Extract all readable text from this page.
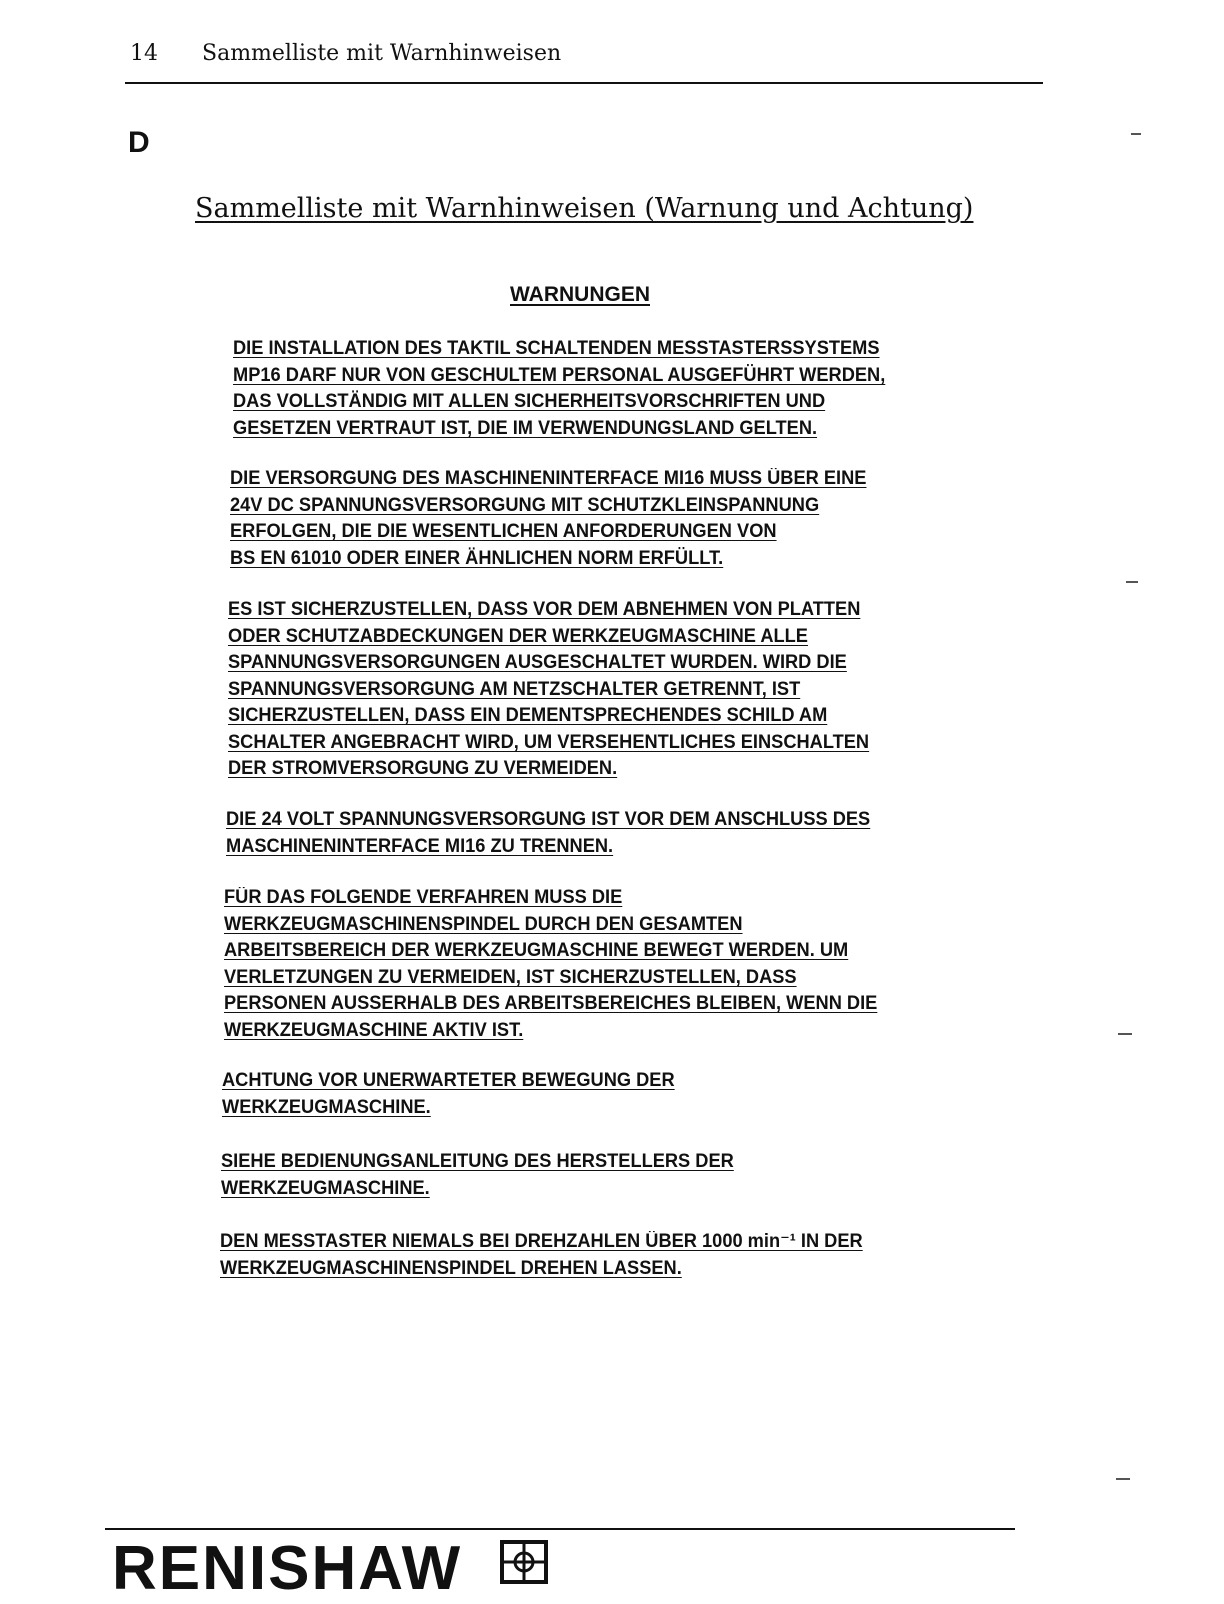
14 Sammelliste mit Warnhinweisen
D
Sammelliste mit Warnhinweisen (Warnung und Achtung)
WARNUNGEN

DIE INSTALLATION DES TAKTIL SCHALTENDEN MESSTASTERSSYSTEMS
MP16 DARF NUR VON GESCHULTEM PERSONAL AUSGEFÜHRT WERDEN,
DAS VOLLSTÄNDIG MIT ALLEN SICHERHEITSVORSCHRIFTEN UND
GESETZEN VERTRAUT IST, DIE IM VERWENDUNGSLAND GELTEN.

DIE VERSORGUNG DES MASCHINENINTERFACE MI16 MUSS ÜBER EINE
24V DC SPANNUNGSVERSORGUNG MIT SCHUTZKLEINSPANNUNG
ERFOLGEN, DIE DIE WESENTLICHEN ANFORDERUNGEN VON
BS EN 61010 ODER EINER ÄHNLICHEN NORM ERFÜLLT.

ES IST SICHERZUSTELLEN, DASS VOR DEM ABNEHMEN VON PLATTEN
ODER SCHUTZABDECKUNGEN DER WERKZEUGMASCHINE ALLE
SPANNUNGSVERSORGUNGEN AUSGESCHALTET WURDEN. WIRD DIE
SPANNUNGSVERSORGUNG AM NETZSCHALTER GETRENNT, IST
SICHERZUSTELLEN, DASS EIN DEMENTSPRECHENDES SCHILD AM
SCHALTER ANGEBRACHT WIRD, UM VERSEHENTLICHES EINSCHALTEN
DER STROMVERSORGUNG ZU VERMEIDEN.

DIE 24 VOLT SPANNUNGSVERSORGUNG IST VOR DEM ANSCHLUSS DES
MASCHINENINTERFACE MI16 ZU TRENNEN.

FÜR DAS FOLGENDE VERFAHREN MUSS DIE
WERKZEUGMASCHINENSPINDEL DURCH DEN GESAMTEN
ARBEITSBEREICH DER WERKZEUGMASCHINE BEWEGT WERDEN. UM
VERLETZUNGEN ZU VERMEIDEN, IST SICHERZUSTELLEN, DASS
PERSONEN AUSSERHALB DES ARBEITSBEREICHES BLEIBEN, WENN DIE
WERKZEUGMASCHINE AKTIV IST.

ACHTUNG VOR UNERWARTETER BEWEGUNG DER
WERKZEUGMASCHINE.

SIEHE BEDIENUNGSANLEITUNG DES HERSTELLERS DER
WERKZEUGMASCHINE.

DEN MESSTASTER NIEMALS BEI DREHZAHLEN ÜBER 1000 min⁻¹ IN DER
WERKZEUGMASCHINENSPINDEL DREHEN LASSEN.

RENISHAW
